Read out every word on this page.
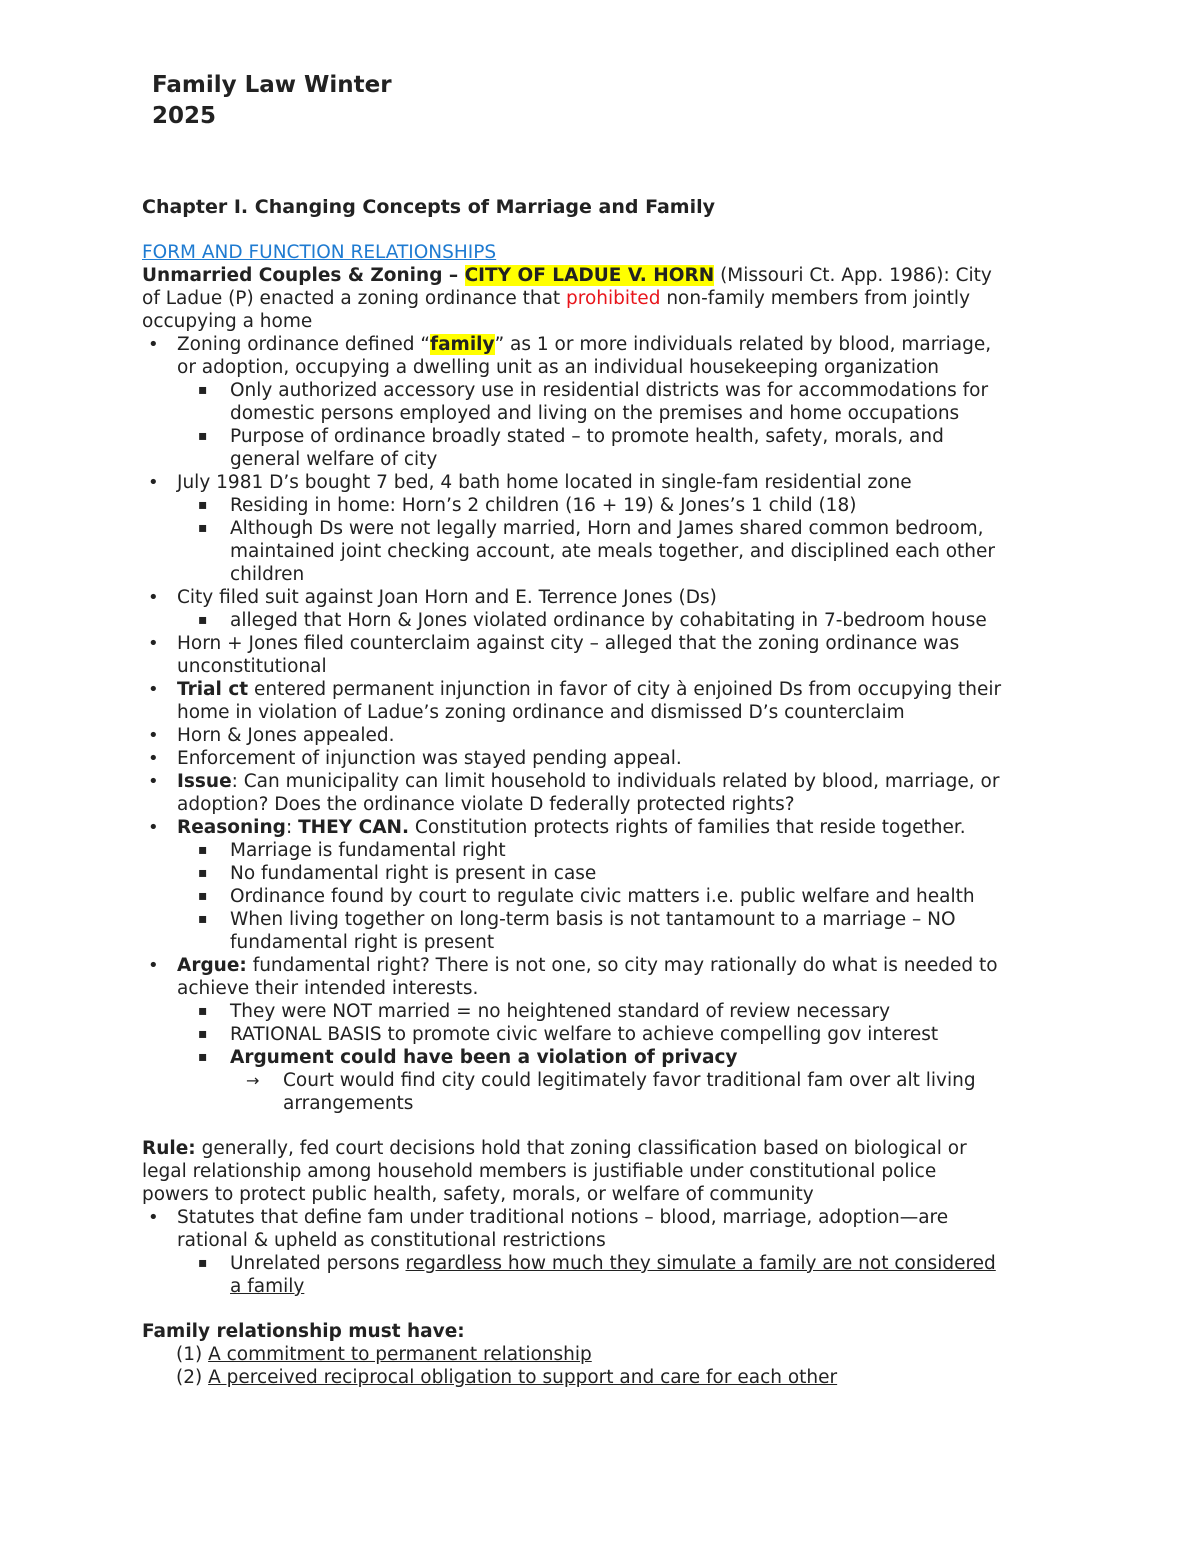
Family Law Winter
2025

Chapter I. Changing Concepts of Marriage and Family

FORM AND FUNCTION RELATIONSHIPS

Unmarried Couples & Zoning – CITY OF LADUE V. HORN (Missouri Ct. App. 1986): City

of Ladue (P) enacted a zoning ordinance that prohibited non-family members from jointly

occupying a home

• Zoning ordinance defined “family” as 1 or more individuals related by blood, marriage,
or adoption, occupying a dwelling unit as an individual housekeeping organization
▪ Only authorized accessory use in residential districts was for accommodations for
domestic persons employed and living on the premises and home occupations
▪ Purpose of ordinance broadly stated – to promote health, safety, morals, and
general welfare of city
• July 1981 D’s bought 7 bed, 4 bath home located in single-fam residential zone
▪ Residing in home: Horn’s 2 children (16 + 19) & Jones’s 1 child (18)
▪ Although Ds were not legally married, Horn and James shared common bedroom,
maintained joint checking account, ate meals together, and disciplined each other
children
• City filed suit against Joan Horn and E. Terrence Jones (Ds)
▪ alleged that Horn & Jones violated ordinance by cohabitating in 7-bedroom house
• Horn + Jones filed counterclaim against city – alleged that the zoning ordinance was
unconstitutional
• Trial ct entered permanent injunction in favor of city à enjoined Ds from occupying their
home in violation of Ladue’s zoning ordinance and dismissed D’s counterclaim
• Horn & Jones appealed.
• Enforcement of injunction was stayed pending appeal.
• Issue: Can municipality can limit household to individuals related by blood, marriage, or
adoption? Does the ordinance violate D federally protected rights?
• Reasoning: THEY CAN. Constitution protects rights of families that reside together.
▪ Marriage is fundamental right
▪ No fundamental right is present in case
▪ Ordinance found by court to regulate civic matters i.e. public welfare and health
▪ When living together on long-term basis is not tantamount to a marriage – NO
fundamental right is present
• Argue: fundamental right? There is not one, so city may rationally do what is needed to
achieve their intended interests.
▪ They were NOT married = no heightened standard of review necessary
▪ RATIONAL BASIS to promote civic welfare to achieve compelling gov interest
▪ Argument could have been a violation of privacy
→ Court would find city could legitimately favor traditional fam over alt living
arrangements

Rule: generally, fed court decisions hold that zoning classification based on biological or

legal relationship among household members is justifiable under constitutional police

powers to protect public health, safety, morals, or welfare of community

• Statutes that define fam under traditional notions – blood, marriage, adoption—are
rational & upheld as constitutional restrictions
▪ Unrelated persons regardless how much they simulate a family are not considered
a family

Family relationship must have:

(1) A commitment to permanent relationship

(2) A perceived reciprocal obligation to support and care for each other
